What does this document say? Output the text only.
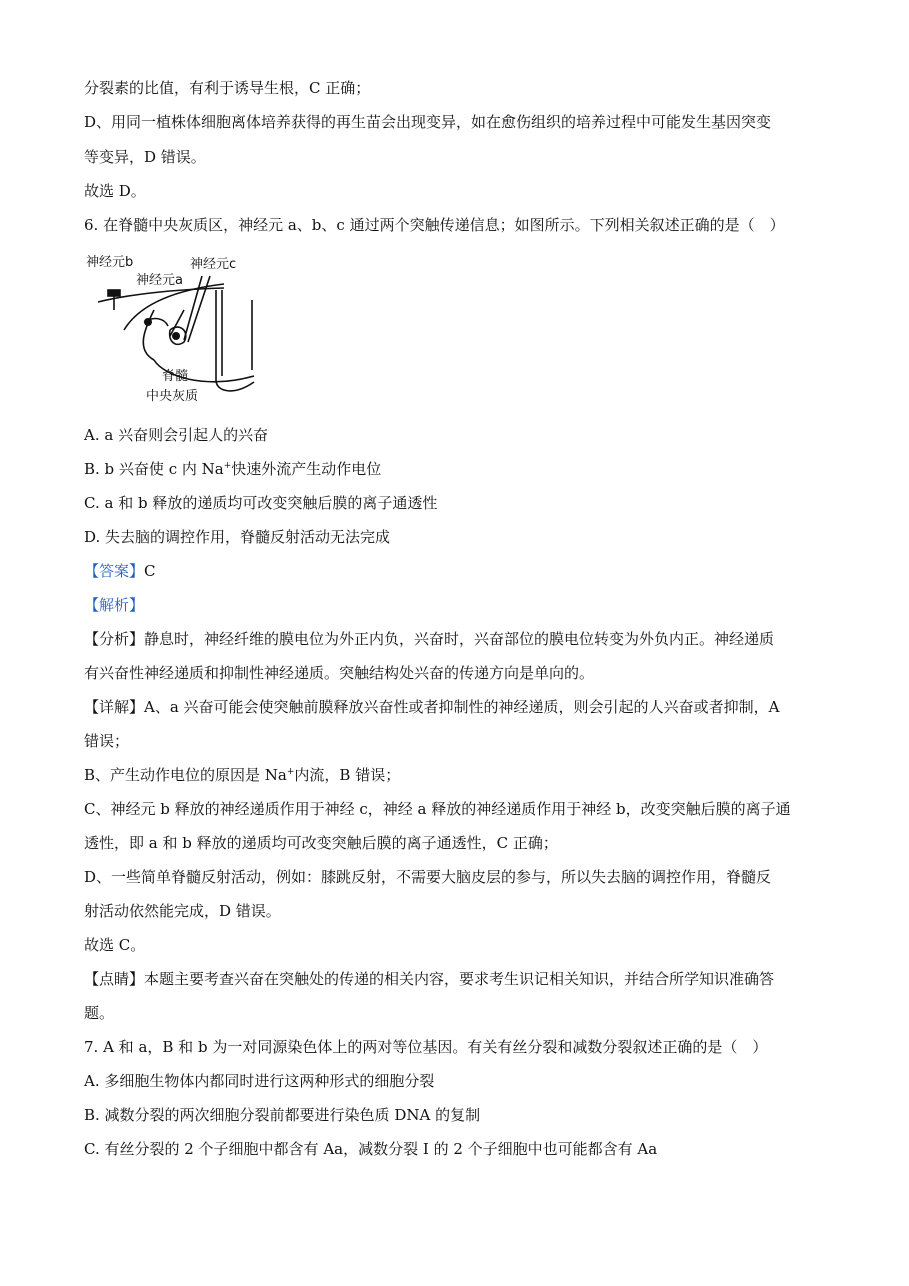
分裂素的比值，有利于诱导生根，C 正确；
D、用同一植株体细胞离体培养获得的再生苗会出现变异，如在愈伤组织的培养过程中可能发生基因突变
等变异，D 错误。
故选 D。
6. 在脊髓中央灰质区，神经元 a、b、c 通过两个突触传递信息；如图所示。下列相关叙述正确的是（　）
神经元b
神经元a
神经元c
脊髓
中央灰质
A. a 兴奋则会引起人的兴奋
B. b 兴奋使 c 内 Na+快速外流产生动作电位
C. a 和 b 释放的递质均可改变突触后膜的离子通透性
D. 失去脑的调控作用，脊髓反射活动无法完成
【答案】C
【解析】
【分析】静息时，神经纤维的膜电位为外正内负，兴奋时，兴奋部位的膜电位转变为外负内正。神经递质
有兴奋性神经递质和抑制性神经递质。突触结构处兴奋的传递方向是单向的。
【详解】A、a 兴奋可能会使突触前膜释放兴奋性或者抑制性的神经递质，则会引起的人兴奋或者抑制，A
错误；
B、产生动作电位的原因是 Na+内流，B 错误；
C、神经元 b 释放的神经递质作用于神经 c，神经 a 释放的神经递质作用于神经 b，改变突触后膜的离子通
透性，即 a 和 b 释放的递质均可改变突触后膜的离子通透性，C 正确；
D、一些简单脊髓反射活动，例如：膝跳反射，不需要大脑皮层的参与，所以失去脑的调控作用，脊髓反
射活动依然能完成，D 错误。
故选 C。
【点睛】本题主要考查兴奋在突触处的传递的相关内容，要求考生识记相关知识，并结合所学知识准确答
题。
7. A 和 a，B 和 b 为一对同源染色体上的两对等位基因。有关有丝分裂和减数分裂叙述正确的是（　）
A. 多细胞生物体内都同时进行这两种形式的细胞分裂
B. 减数分裂的两次细胞分裂前都要进行染色质 DNA 的复制
C. 有丝分裂的 2 个子细胞中都含有 Aa，减数分裂 I 的 2 个子细胞中也可能都含有 Aa
